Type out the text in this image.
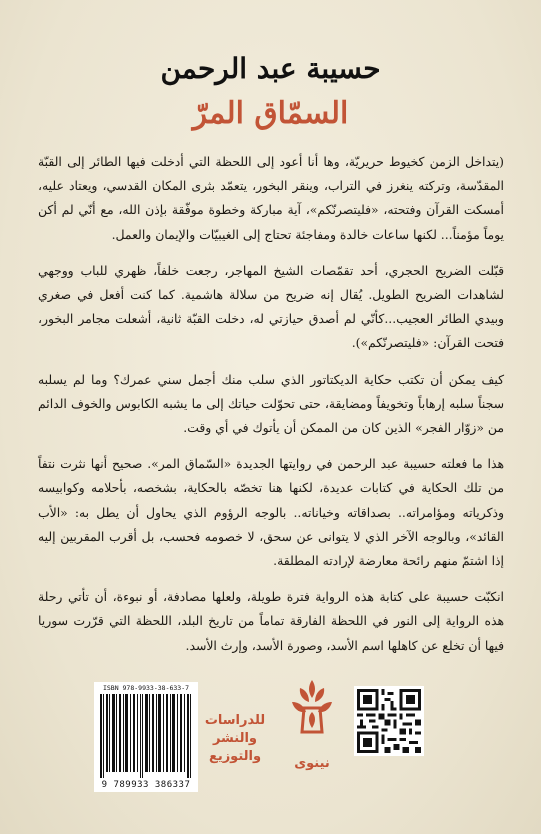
حسيبة عبد الرحمن
السمّاق المرّ

(يتداخل الزمن كخيوط حريريّة، وها أنا أعود إلى اللحظة التي أدخلت فيها الطائر إلى القبّة المقدّسة، وتركته ينغرز في التراب، وينقر البخور، يتعمّد بثرى المكان القدسي، ويعتاد عليه، أمسكت القرآن وفتحته، «فليتصرنّكم»، آية مباركة وخطوة موفّقة بإذن الله، مع أنّي لم أكن يوماً مؤمناً... لكنها ساعات خالدة ومفاجئة تحتاج إلى الغيبيّات والإيمان والعمل.

قبّلت الضريح الحجري، أحد تقمّصات الشيخ المهاجر، رجعت خلفاً، ظهري للباب ووجهي لشاهدات الضريح الطويل. يُقال إنه ضريح من سلالة هاشمية. كما كنت أفعل في صغري وبيدي الطائر العجيب...كأنّي لم أصدق حيازتي له، دخلت القبّة ثانية، أشعلت مجامر البخور، فتحت القرآن: «فليتصرنّكم»).

كيف يمكن أن تكتب حكاية الديكتاتور الذي سلب منك أجمل سني عمرك؟ وما لم يسلبه سجناً سلبه إرهاباً وتخويفاً ومضايقة، حتى تحوّلت حياتك إلى ما يشبه الكابوس والخوف الدائم من «زوّار الفجر» الذين كان من الممكن أن يأتوك في أي وقت.

هذا ما فعلته حسيبة عبد الرحمن في روايتها الجديدة «السّماق المر». صحيح أنها نثرت نتفاً من تلك الحكاية في كتابات عديدة، لكنها هنا تخصّه بالحكاية، بشخصه، بأحلامه وكوابيسه وذكرياته ومؤامراته.. بصداقاته وخياناته.. بالوجه الرؤوم الذي يحاول أن يطل به: «الأب القائد»، وبالوجه الآخر الذي لا يتوانى عن سحق، لا خصومه فحسب، بل أقرب المقربين إليه إذا اشتمّ منهم رائحة معارضة لإرادته المطلقة.

انكبّت حسيبة على كتابة هذه الرواية فترة طويلة، ولعلها مصادفة، أو نبوءة، أن تأتي رحلة هذه الرواية إلى النور في اللحظة الفارقة تماماً من تاريخ البلد، اللحظة التي قرّرت سوريا فيها أن تخلع عن كاهلها اسم الأسد، وصورة الأسد، وإرث الأسد.

نينوى
للدراسات
والنشر
والتوزيع
ISBN 978-9933-38-633-7
9 789933 386337
